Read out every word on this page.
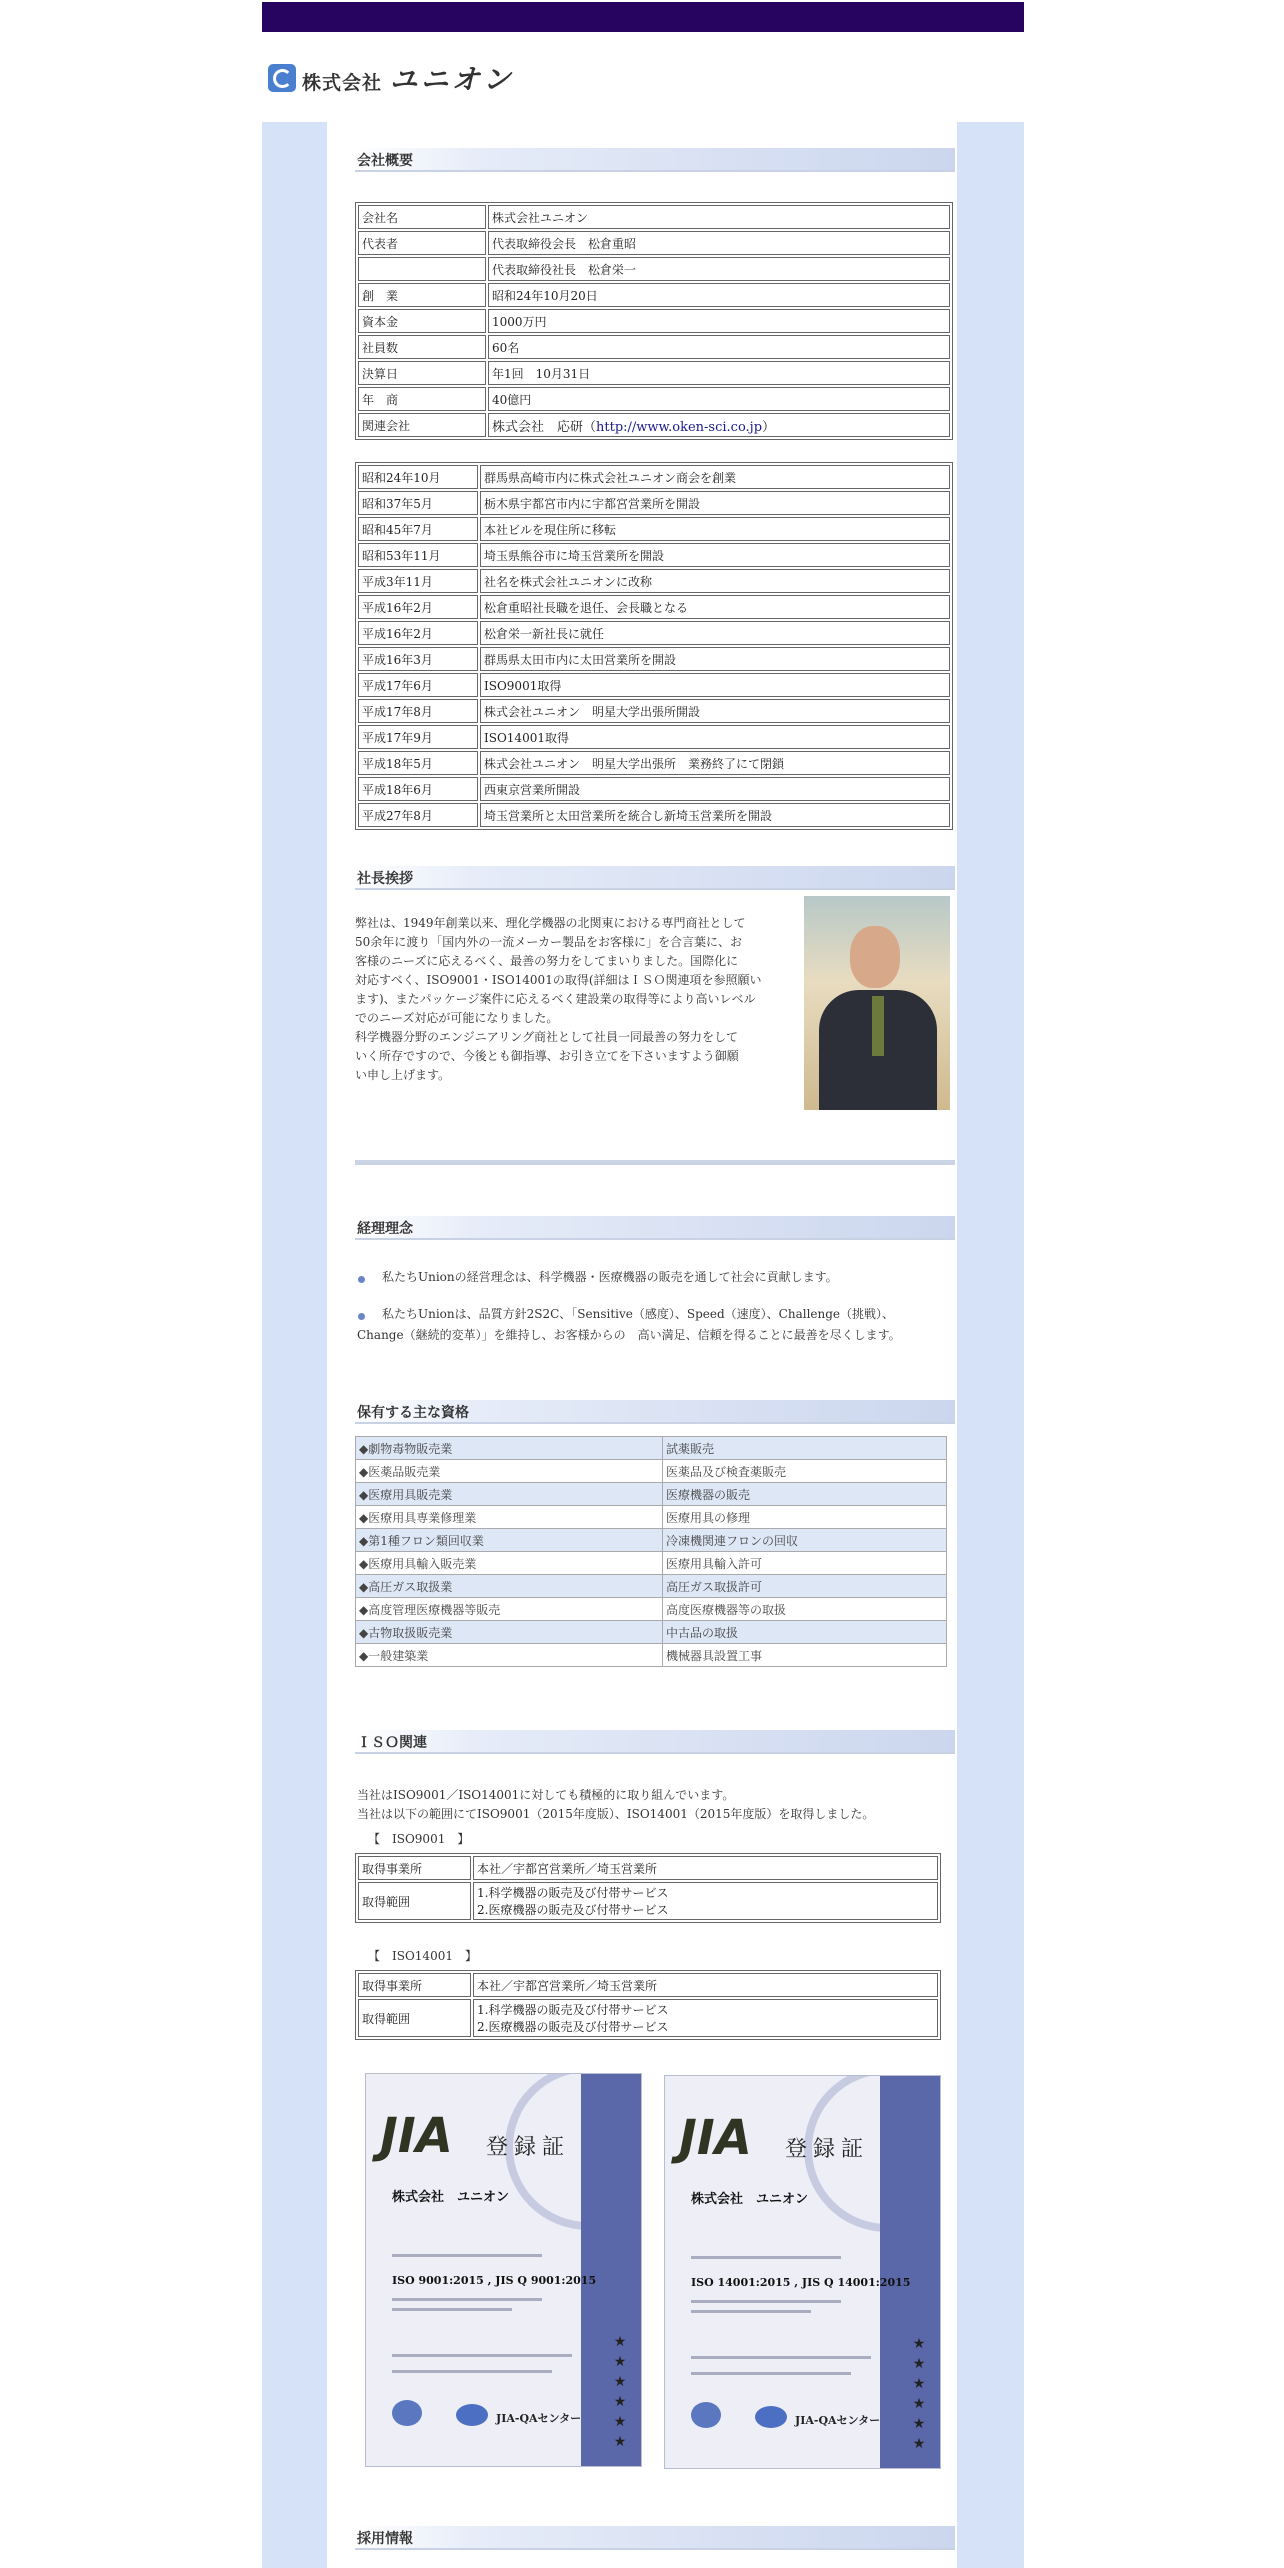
株式会社 ユニオン
会社概要
会社名	株式会社ユニオン
代表者	代表取締役会長　松倉重昭
	代表取締役社長　松倉栄一
創　業	昭和24年10月20日
資本金	1000万円
社員数	60名
決算日	年1回　10月31日
年　商	40億円
関連会社	株式会社　応研（http://www.oken-sci.co.jp）
昭和24年10月	群馬県高崎市内に株式会社ユニオン商会を創業
昭和37年5月	栃木県宇都宮市内に宇都宮営業所を開設
昭和45年7月	本社ビルを現住所に移転
昭和53年11月	埼玉県熊谷市に埼玉営業所を開設
平成3年11月	社名を株式会社ユニオンに改称
平成16年2月	松倉重昭社長職を退任、会長職となる
平成16年2月	松倉栄一新社長に就任
平成16年3月	群馬県太田市内に太田営業所を開設
平成17年6月	ISO9001取得
平成17年8月	株式会社ユニオン　明星大学出張所開設
平成17年9月	ISO14001取得
平成18年5月	株式会社ユニオン　明星大学出張所　業務終了にて閉鎖
平成18年6月	西東京営業所開設
平成27年8月	埼玉営業所と太田営業所を統合し新埼玉営業所を開設
社長挨拶
弊社は、1949年創業以来、理化学機器の北関東における専門商社として
50余年に渡り「国内外の一流メーカー製品をお客様に」を合言葉に、お
客様のニーズに応えるべく、最善の努力をしてまいりました。国際化に
対応すべく、ISO9001・ISO14001の取得(詳細はＩＳＯ関連項を参照願い
ます)、またパッケージ案件に応えるべく建設業の取得等により高いレベル
でのニーズ対応が可能になりました。
科学機器分野のエンジニアリング商社として社員一同最善の努力をして
いく所存ですので、今後とも御指導、お引き立てを下さいますよう御願
い申し上げます。
経理理念
私たちUnionの経営理念は、科学機器・医療機器の販売を通して社会に貢献します。
私たちUnionは、品質方針2S2C、「Sensitive（感度）、Speed（速度）、Challenge（挑戦）、
Change（継続的変革）」を維持し、お客様からの　高い満足、信頼を得ることに最善を尽くします。
保有する主な資格
◆劇物毒物販売業	試薬販売
◆医薬品販売業	医薬品及び検査薬販売
◆医療用具販売業	医療機器の販売
◆医療用具専業修理業	医療用具の修理
◆第1種フロン類回収業	冷凍機関連フロンの回収
◆医療用具輸入販売業	医療用具輸入許可
◆高圧ガス取扱業	高圧ガス取扱許可
◆高度管理医療機器等販売	高度医療機器等の取扱
◆古物取扱販売業	中古品の取扱
◆一般建築業	機械器具設置工事
ＩＳＯ関連
当社はISO9001／ISO14001に対しても積極的に取り組んでいます。
当社は以下の範囲にてISO9001（2015年度版）、ISO14001（2015年度版）を取得しました。
【　ISO9001　】
取得事業所	本社／宇都宮営業所／埼玉営業所
取得範囲	1.科学機器の販売及び付帯サービス
2.医療機器の販売及び付帯サービス
【　ISO14001　】
取得事業所	本社／宇都宮営業所／埼玉営業所
取得範囲	1.科学機器の販売及び付帯サービス
2.医療機器の販売及び付帯サービス
JIA 登録証
株式会社　ユニオン
ISO 9001:2015 , JIS Q 9001:2015
JIA-QAセンター
★
★
★
★
★
★
JIA 登録証
株式会社　ユニオン
ISO 14001:2015 , JIS Q 14001:2015
JIA-QAセンター
★
★
★
★
★
★
採用情報
